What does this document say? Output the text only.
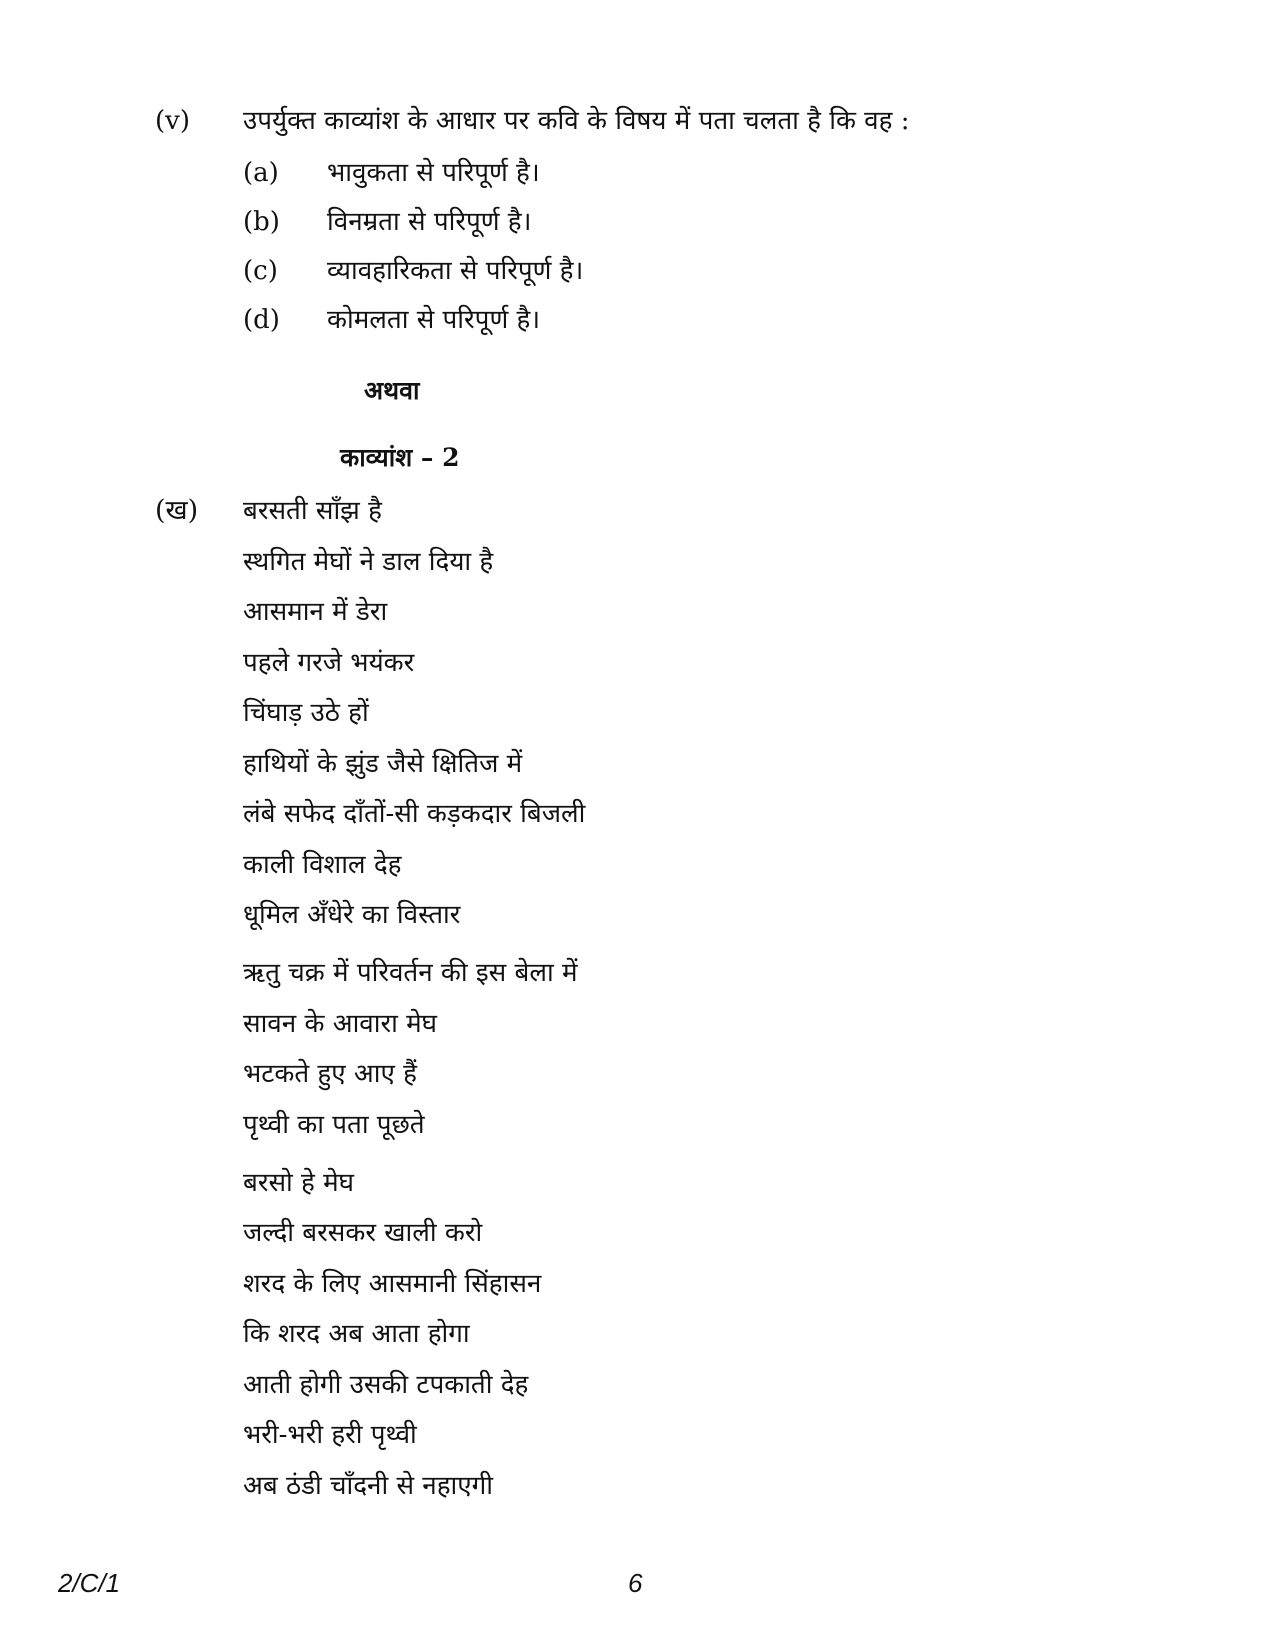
(v) उपर्युक्त काव्यांश के आधार पर कवि के विषय में पता चलता है कि वह :
(a) भावुकता से परिपूर्ण है।
(b) विनम्रता से परिपूर्ण है।
(c) व्यावहारिकता से परिपूर्ण है।
(d) कोमलता से परिपूर्ण है।
अथवा
काव्यांश – 2
(ख) बरसती साँझ है
स्थगित मेघों ने डाल दिया है
आसमान में डेरा
पहले गरजे भयंकर
चिंघाड़ उठे हों
हाथियों के झुंड जैसे क्षितिज में
लंबे सफेद दाँतों-सी कड़कदार बिजली
काली विशाल देह
धूमिल अँधेरे का विस्तार
ऋतु चक्र में परिवर्तन की इस बेला में
सावन के आवारा मेघ
भटकते हुए आए हैं
पृथ्वी का पता पूछते
बरसो हे मेघ
जल्दी बरसकर खाली करो
शरद के लिए आसमानी सिंहासन
कि शरद अब आता होगा
आती होगी उसकी टपकाती देह
भरी-भरी हरी पृथ्वी
अब ठंडी चाँदनी से नहाएगी
2/C/1	6
